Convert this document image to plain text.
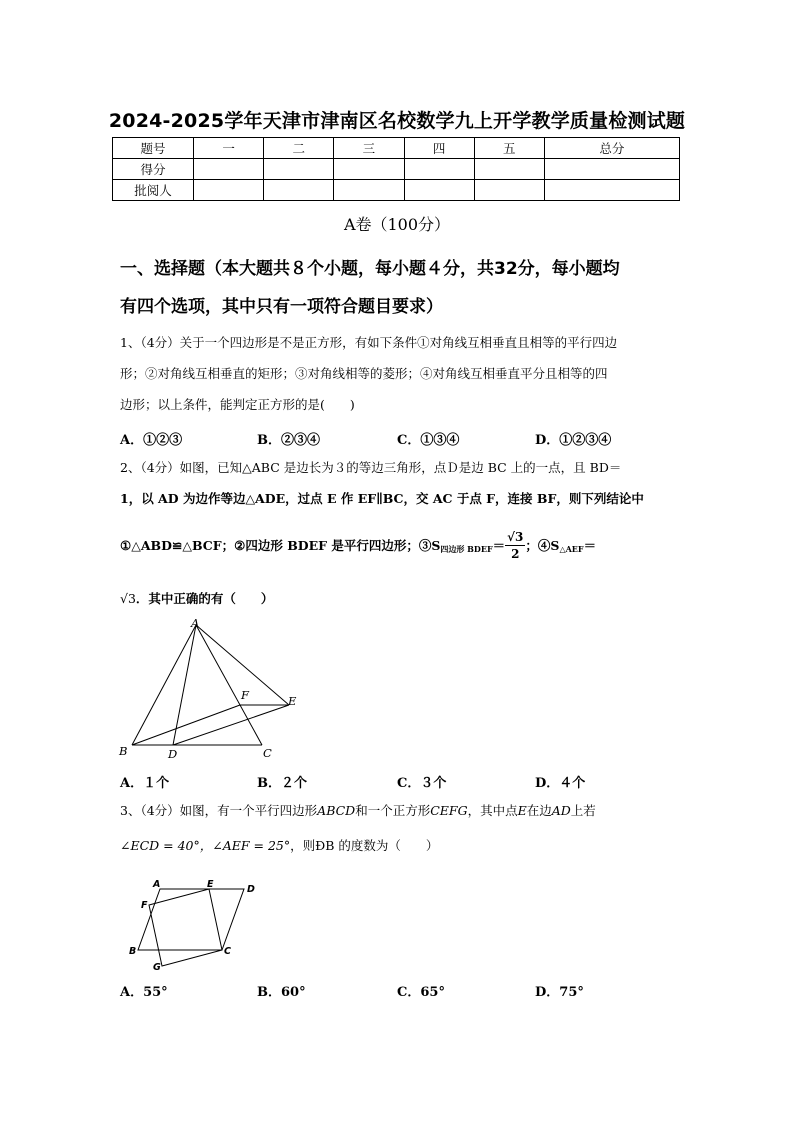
2024-2025学年天津市津南区名校数学九上开学教学质量检测试题
题号	一	二	三	四	五	总分
得分						
批阅人						
A卷（100分）
一、选择题（本大题共８个小题，每小题４分，共32分，每小题均
有四个选项，其中只有一项符合题目要求）
1、（4分）关于一个四边形是不是正方形，有如下条件①对角线互相垂直且相等的平行四边
形；②对角线互相垂直的矩形；③对角线相等的菱形；④对角线互相垂直平分且相等的四
边形；以上条件，能判定正方形的是(　　)
A．①②③	B．②③④	C．①③④	D．①②③④
2、（4分）如图，已知△ABC 是边长为３的等边三角形，点Ｄ是边 BC 上的一点，且 BD＝
1，以 AD 为边作等边△ADE，过点 E 作 EF∥BC，交 AC 于点 F，连接 BF，则下列结论中
①△ABD≌△BCF；②四边形 BDEF 是平行四边形；$③S_{四边形 BDEF} = \frac{√3}{2}$ ；$④S_{\triangle AEF}$ ＝
√3．其中正确的有（　　）
A
B	C
D
E
F
A．１个	B．２个	C．３个	D．４个
3、（4分）如图，有一个平行四边形ABCD和一个正方形CEFG，其中点E在边AD上若
∠ECD = 40°，∠AEF = 25°，则ÐB 的度数为（　　）
A	E	D
F
B	C
G
A．55°	B．60°	C．65°	D．75°
